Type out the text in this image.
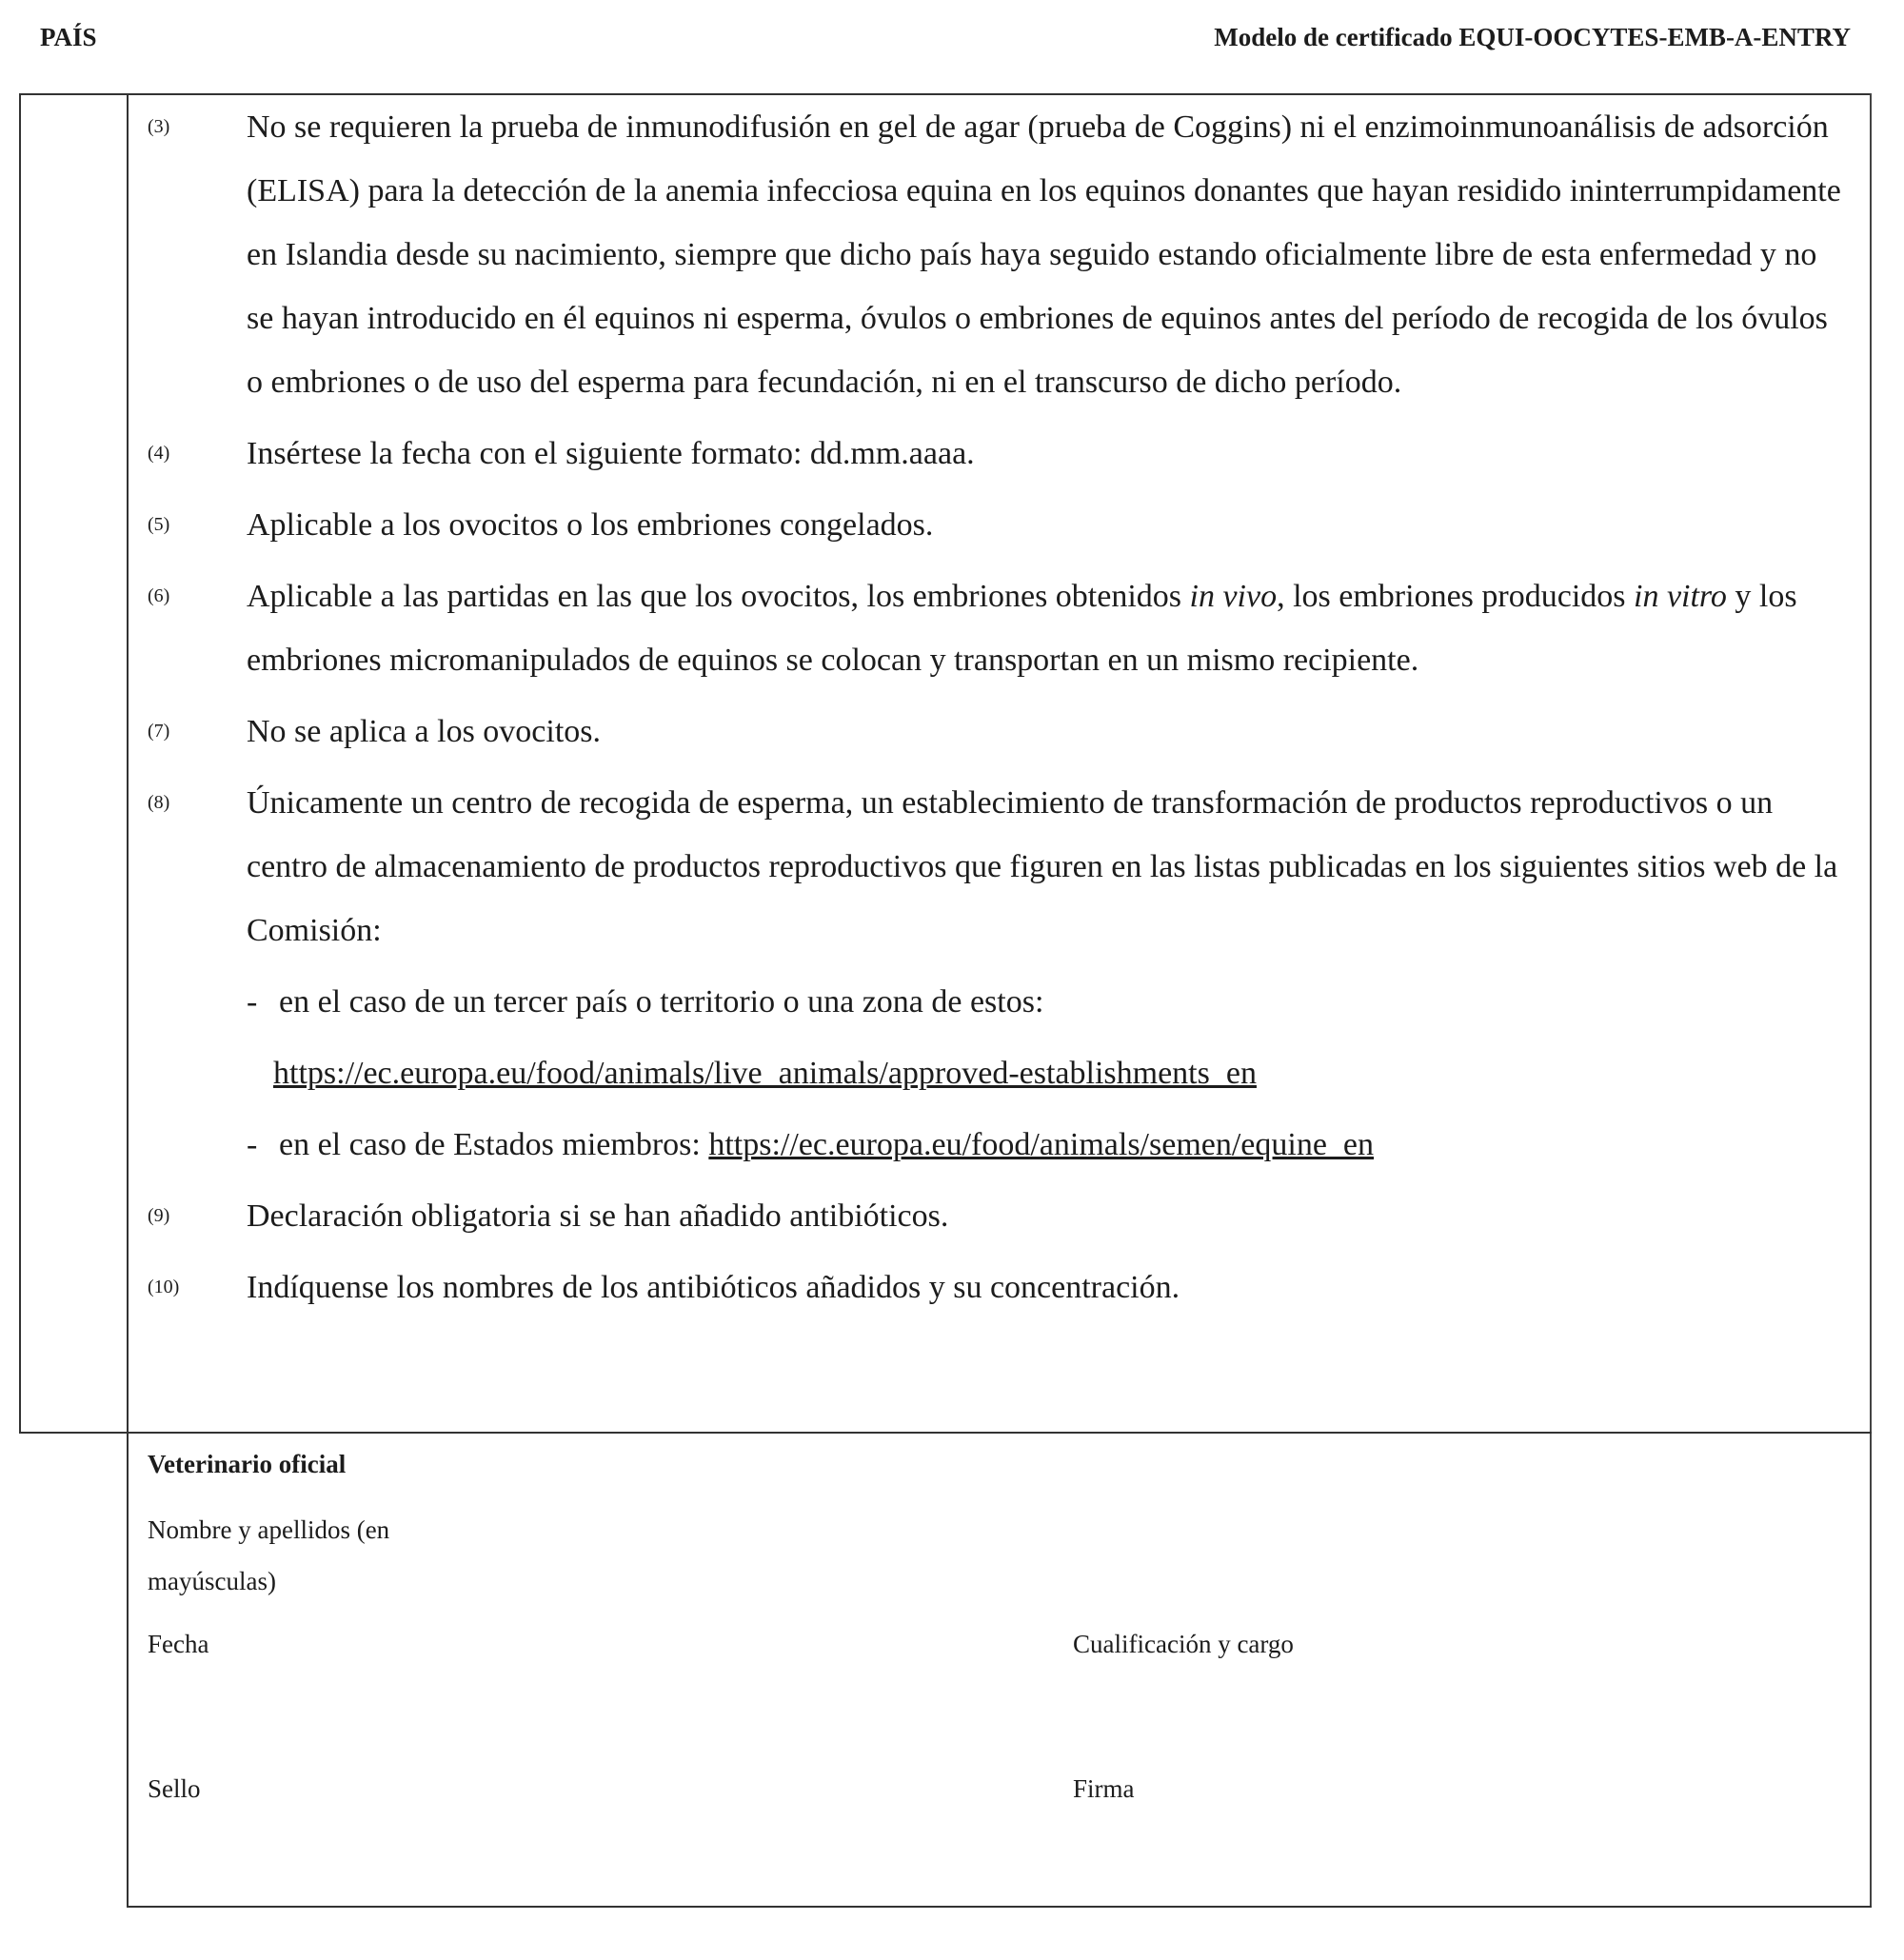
PAÍS	Modelo de certificado EQUI-OOCYTES-EMB-A-ENTRY
(3)	No se requieren la prueba de inmunodifusión en gel de agar (prueba de Coggins) ni el enzimoinmunoanálisis de adsorción (ELISA) para la detección de la anemia infecciosa equina en los equinos donantes que hayan residido ininterrumpidamente en Islandia desde su nacimiento, siempre que dicho país haya seguido estando oficialmente libre de esta enfermedad y no se hayan introducido en él equinos ni esperma, óvulos o embriones de equinos antes del período de recogida de los óvulos o embriones o de uso del esperma para fecundación, ni en el transcurso de dicho período.
(4)	Insértese la fecha con el siguiente formato: dd.mm.aaaa.
(5)	Aplicable a los ovocitos o los embriones congelados.
(6)	Aplicable a las partidas en las que los ovocitos, los embriones obtenidos in vivo, los embriones producidos in vitro y los embriones micromanipulados de equinos se colocan y transportan en un mismo recipiente.
(7)	No se aplica a los ovocitos.
(8)	Únicamente un centro de recogida de esperma, un establecimiento de transformación de productos reproductivos o un centro de almacenamiento de productos reproductivos que figuren en las listas publicadas en los siguientes sitios web de la Comisión:
- en el caso de un tercer país o territorio o una zona de estos:
https://ec.europa.eu/food/animals/live_animals/approved-establishments_en
- en el caso de Estados miembros: https://ec.europa.eu/food/animals/semen/equine_en
(9)	Declaración obligatoria si se han añadido antibióticos.
(10)	Indíquense los nombres de los antibióticos añadidos y su concentración.
Veterinario oficial
Nombre y apellidos (en mayúsculas)
Fecha	Cualificación y cargo
Sello	Firma
